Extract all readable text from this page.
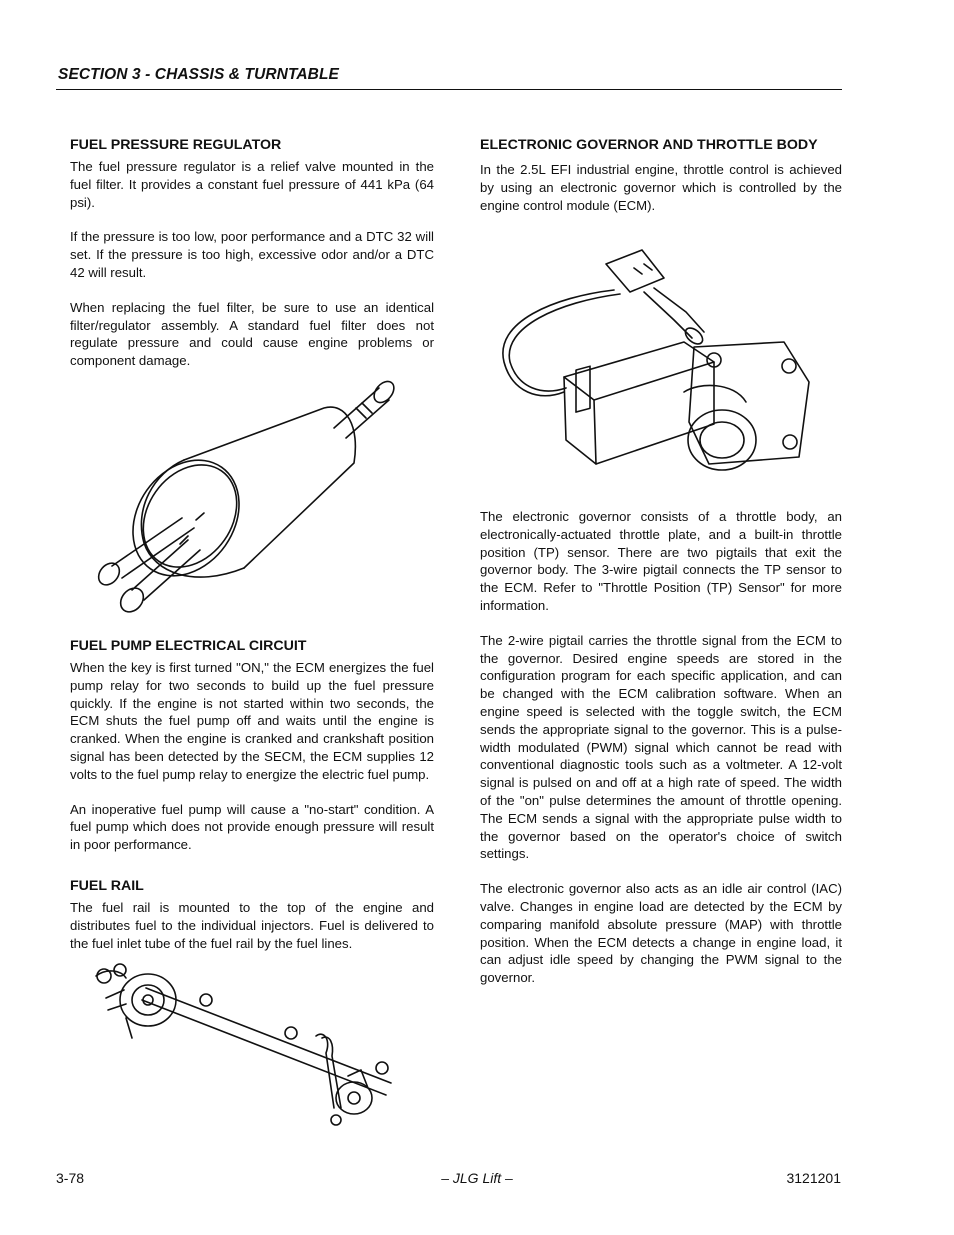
SECTION 3 - CHASSIS & TURNTABLE
FUEL PRESSURE REGULATOR

The fuel pressure regulator is a relief valve mounted in the fuel filter. It provides a constant fuel pressure of 441 kPa (64 psi).

If the pressure is too low, poor performance and a DTC 32 will set. If the pressure is too high, excessive odor and/or a DTC 42 will result.

When replacing the fuel filter, be sure to use an identical filter/regulator assembly. A standard fuel filter does not regulate pressure and could cause engine problems or component damage.

FUEL PUMP ELECTRICAL CIRCUIT

When the key is first turned "ON," the ECM energizes the fuel pump relay for two seconds to build up the fuel pressure quickly. If the engine is not started within two seconds, the ECM shuts the fuel pump off and waits until the engine is cranked. When the engine is cranked and crankshaft position signal has been detected by the SECM, the ECM supplies 12 volts to the fuel pump relay to energize the electric fuel pump.

An inoperative fuel pump will cause a "no-start" condition. A fuel pump which does not provide enough pressure will result in poor performance.

FUEL RAIL

The fuel rail is mounted to the top of the engine and distributes fuel to the individual injectors. Fuel is delivered to the fuel inlet tube of the fuel rail by the fuel lines.

ELECTRONIC GOVERNOR AND THROTTLE BODY

In the 2.5L EFI industrial engine, throttle control is achieved by using an electronic governor which is controlled by the engine control module (ECM).

The electronic governor consists of a throttle body, an electronically-actuated throttle plate, and a built-in throttle position (TP) sensor. There are two pigtails that exit the governor body. The 3-wire pigtail connects the TP sensor to the ECM. Refer to "Throttle Position (TP) Sensor" for more information.

The 2-wire pigtail carries the throttle signal from the ECM to the governor. Desired engine speeds are stored in the configuration program for each specific application, and can be changed with the ECM calibration software. When an engine speed is selected with the toggle switch, the ECM sends the appropriate signal to the governor. This is a pulse-width modulated (PWM) signal which cannot be read with conventional diagnostic tools such as a voltmeter. A 12-volt signal is pulsed on and off at a high rate of speed. The width of the "on" pulse determines the amount of throttle opening. The ECM sends a signal with the appropriate pulse width to the governor based on the operator's choice of switch settings.

The electronic governor also acts as an idle air control (IAC) valve. Changes in engine load are detected by the ECM by comparing manifold absolute pressure (MAP) with throttle position. When the ECM detects a change in engine load, it can adjust idle speed by changing the PWM signal to the governor.

3-78	– JLG Lift –	3121201
